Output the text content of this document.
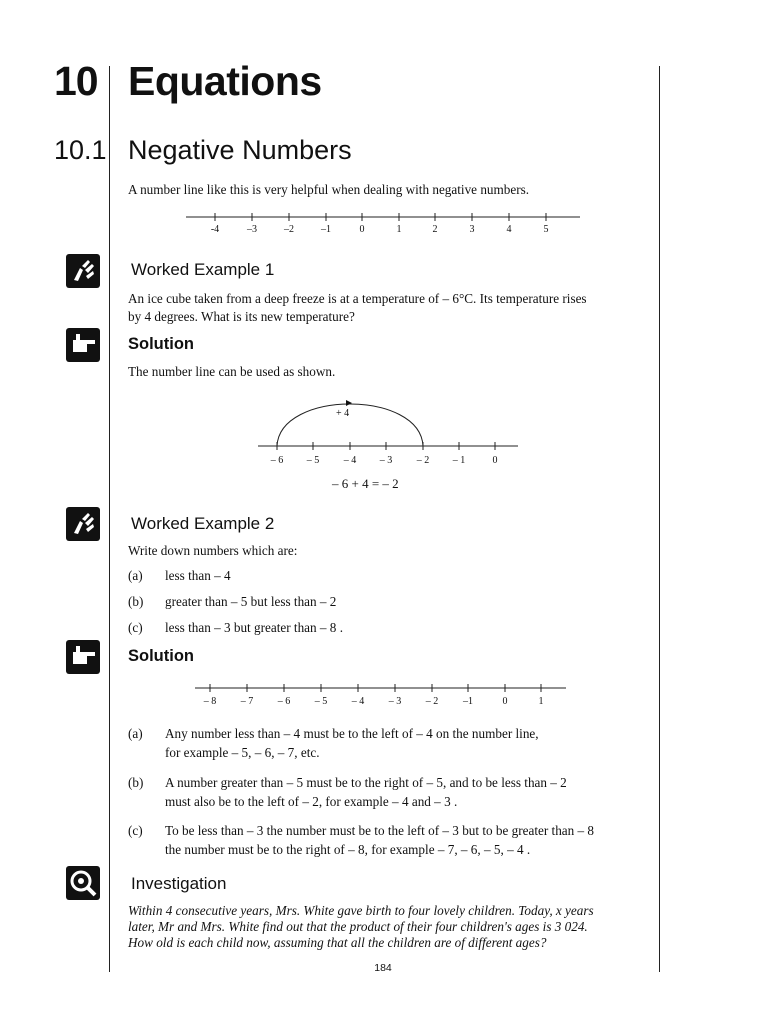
10 Equations
10.1 Negative Numbers
A number line like this is very helpful when dealing with negative numbers.
-4	–3	–2	–1	0	1	2	3	4	5
Worked Example 1
An ice cube taken from a deep freeze is at a temperature of – 6°C. Its temperature rises
by 4 degrees. What is its new temperature?
Solution
The number line can be used as shown.
+ 4
– 6	– 5	– 4	– 3	– 2	– 1	0
– 6 + 4 = – 2
Worked Example 2
Write down numbers which are:
(a) less than – 4
(b) greater than – 5 but less than – 2
(c) less than – 3 but greater than – 8 .
Solution
– 8	– 7	– 6	– 5	– 4	– 3	– 2	–1	0	1
(a) Any number less than – 4 must be to the left of – 4 on the number line,
for example – 5, – 6, – 7, etc.
(b) A number greater than – 5 must be to the right of – 5, and to be less than – 2
must also be to the left of – 2, for example – 4 and – 3 .
(c) To be less than – 3 the number must be to the left of – 3 but to be greater than – 8
the number must be to the right of – 8, for example – 7, – 6, – 5, – 4 .
Investigation
Within 4 consecutive years, Mrs. White gave birth to four lovely children. Today, x years
later, Mr and Mrs. White find out that the product of their four children's ages is 3 024.
How old is each child now, assuming that all the children are of different ages?
184
